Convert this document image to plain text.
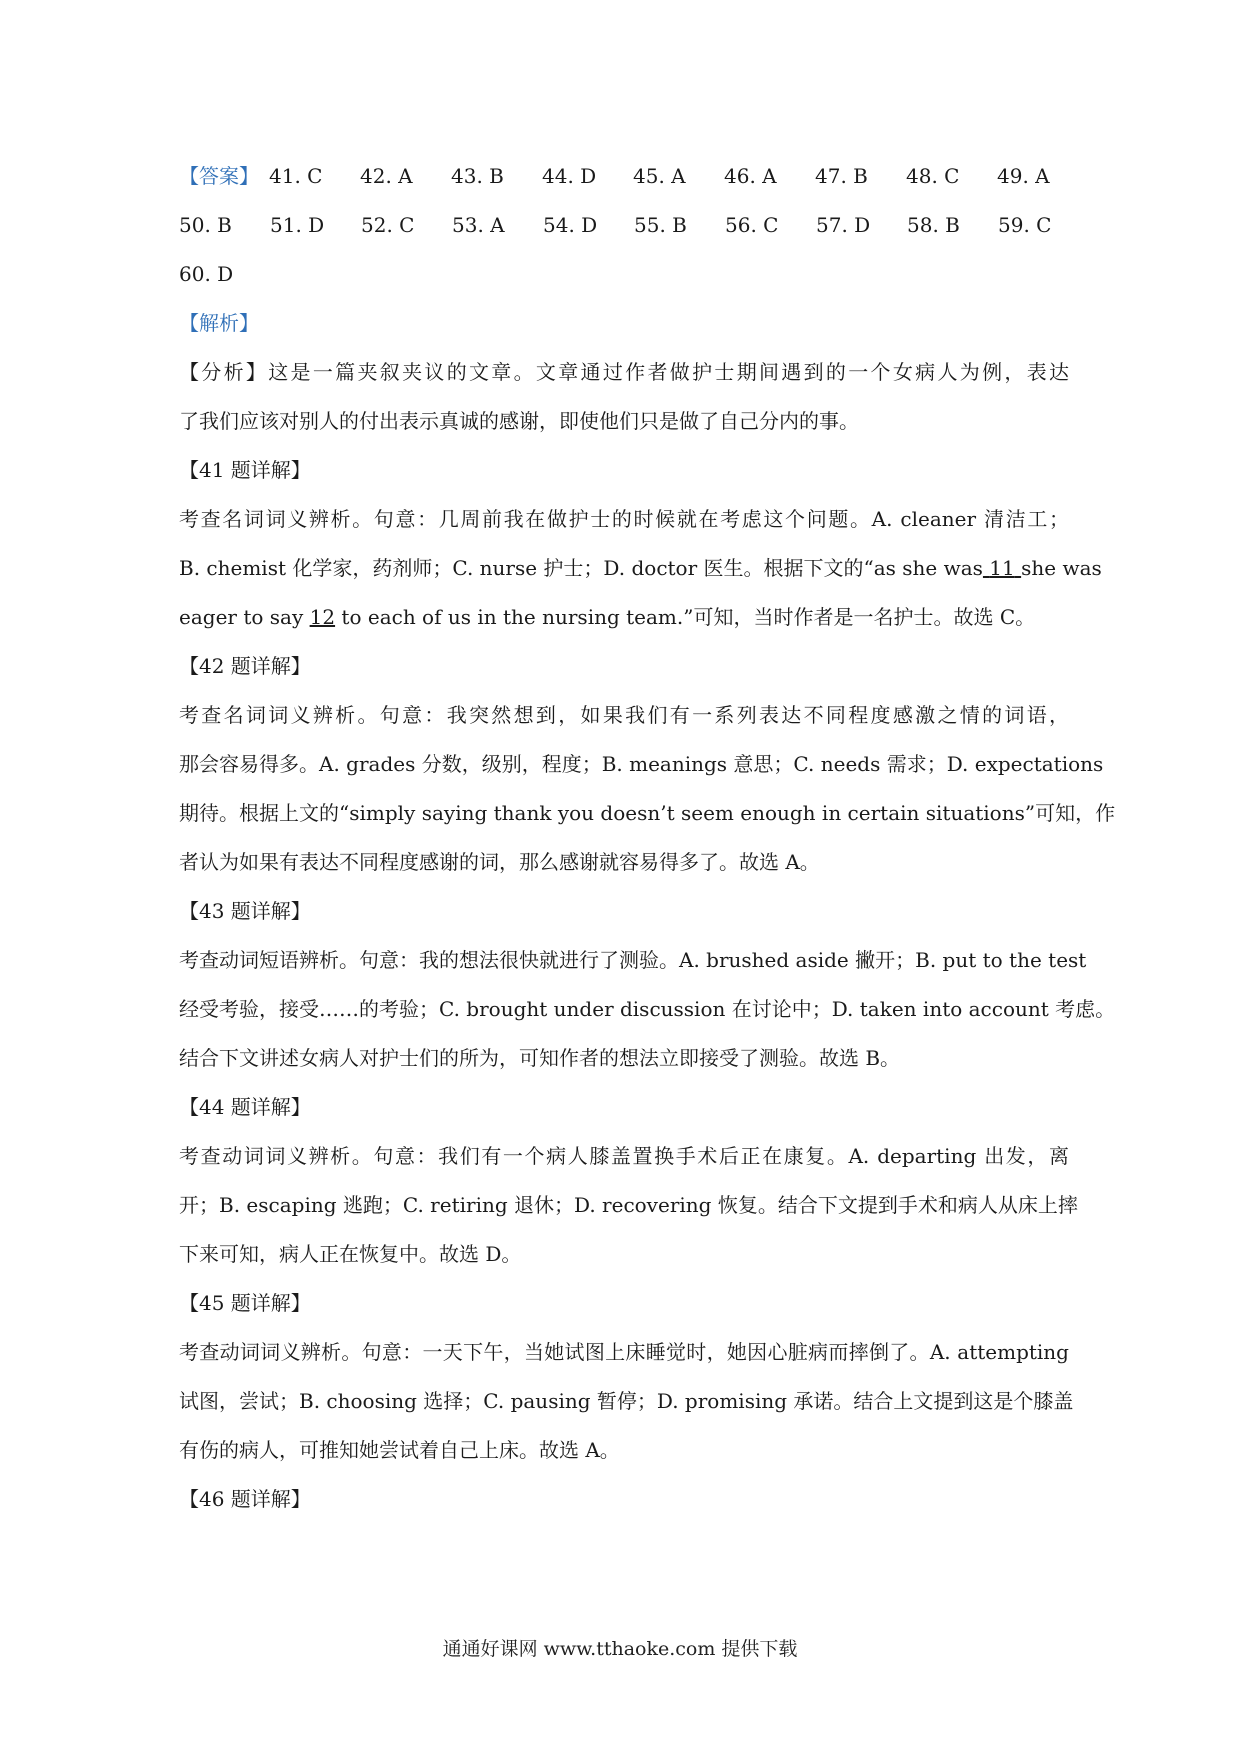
【答案】 41. C	42. A	43. B	44. D	45. A	46. A	47. B	48. C	49. A
50. B	51. D	52. C	53. A	54. D	55. B	56. C	57. D	58. B	59. C
60. D
【解析】
【分析】这是一篇夹叙夹议的文章。文章通过作者做护士期间遇到的一个女病人为例，表达
了我们应该对别人的付出表示真诚的感谢，即使他们只是做了自己分内的事。
【41 题详解】
考查名词词义辨析。句意：几周前我在做护士的时候就在考虑这个问题。A. cleaner 清洁工；
B. chemist 化学家，药剂师；C. nurse 护士；D. doctor 医生。根据下文的“as she was 11 she was
eager to say 12 to each of us in the nursing team.”可知，当时作者是一名护士。故选 C。
【42 题详解】
考查名词词义辨析。句意：我突然想到，如果我们有一系列表达不同程度感激之情的词语，
那会容易得多。A. grades 分数，级别，程度；B. meanings 意思；C. needs 需求；D. expectations
期待。根据上文的“simply saying thank you doesn’t seem enough in certain situations”可知，作
者认为如果有表达不同程度感谢的词，那么感谢就容易得多了。故选 A。
【43 题详解】
考查动词短语辨析。句意：我的想法很快就进行了测验。A. brushed aside 撇开；B. put to the test
经受考验，接受……的考验；C. brought under discussion 在讨论中；D. taken into account 考虑。
结合下文讲述女病人对护士们的所为，可知作者的想法立即接受了测验。故选 B。
【44 题详解】
考查动词词义辨析。句意：我们有一个病人膝盖置换手术后正在康复。A. departing 出发，离
开；B. escaping 逃跑；C. retiring 退休；D. recovering 恢复。结合下文提到手术和病人从床上摔
下来可知，病人正在恢复中。故选 D。
【45 题详解】
考查动词词义辨析。句意：一天下午，当她试图上床睡觉时，她因心脏病而摔倒了。A. attempting
试图，尝试；B. choosing 选择；C. pausing 暂停；D. promising 承诺。结合上文提到这是个膝盖
有伤的病人，可推知她尝试着自己上床。故选 A。
【46 题详解】
通通好课网 www.tthaoke.com 提供下载
